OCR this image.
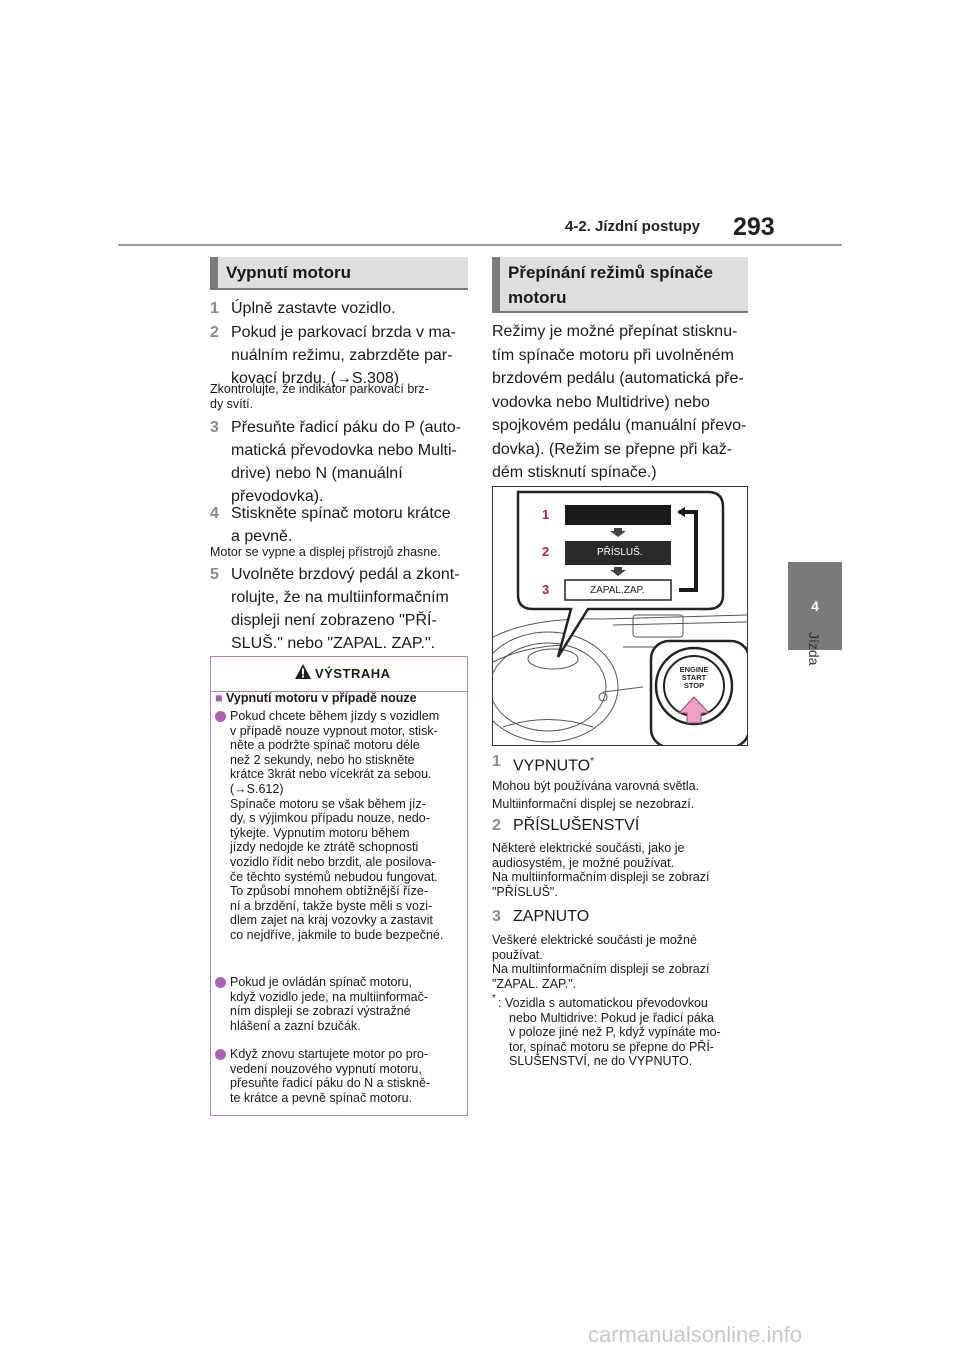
4-2. Jízdní postupy 293
4
Jízda
Vypnutí motoru
1 Úplně zastavte vozidlo.
2 Pokud je parkovací brzda v ma-
nuálním režimu, zabrzděte par-
kovací brzdu. (→S.308)
Zkontrolujte, že indikátor parkovací brz-
dy svítí.
3 Přesuňte řadicí páku do P (auto-
matická převodovka nebo Multi-
drive) nebo N (manuální
převodovka).
4 Stiskněte spínač motoru krátce
a pevně.
Motor se vypne a displej přístrojů zhasne.
5 Uvolněte brzdový pedál a zkont-
rolujte, že na multiinformačním
displeji není zobrazeno "PŘÍ-
SLUŠ." nebo "ZAPAL. ZAP.".
VÝSTRAHA
■ Vypnutí motoru v případě nouze
Pokud chcete během jízdy s vozidlem
v případě nouze vypnout motor, stisk-
něte a podržte spínač motoru déle
než 2 sekundy, nebo ho stiskněte
krátce 3krát nebo vícekrát za sebou.
(→S.612)
Spínače motoru se však během jíz-
dy, s výjimkou případu nouze, nedo-
týkejte. Vypnutím motoru během
jízdy nedojde ke ztrátě schopnosti
vozidlo řídit nebo brzdit, ale posilova-
če těchto systémů nebudou fungovat.
To způsobí mnohem obtížnější říze-
ní a brzdění, takže byste měli s vozi-
dlem zajet na kraj vozovky a zastavit
co nejdříve, jakmile to bude bezpečné.
Pokud je ovládán spínač motoru,
když vozidlo jede, na multiinformač-
ním displeji se zobrazí výstražné
hlášení a zazní bzučák.
Když znovu startujete motor po pro-
vedení nouzového vypnutí motoru,
přesuňte řadicí páku do N a stiskně-
te krátce a pevně spínač motoru.
Přepínání režimů spínače
motoru
Režimy je možné přepínat stisknu-
tím spínače motoru při uvolněném
brzdovém pedálu (automatická pře-
vodovka nebo Multidrive) nebo
spojkovém pedálu (manuální převo-
dovka). (Režim se přepne při kaž-
dém stisknutí spínače.)
1
2
3
PŘÍSLUŠ.
ZAPAL.ZAP.
ENGINE
START
STOP
1 VYPNUTO*
Mohou být používána varovná světla.
Multiinformační displej se nezobrazí.
2 PŘÍSLUŠENSTVÍ
Některé elektrické součásti, jako je
audiosystém, je možné používat.
Na multiinformačním displeji se zobrazí
"PŘÍSLUŠ".
3 ZAPNUTO
Veškeré elektrické součásti je možné
používat.
Na multiinformačním displeji se zobrazí
"ZAPAL. ZAP.".
* : Vozidla s automatickou převodovkou
nebo Multidrive: Pokud je řadicí páka
v poloze jiné než P, když vypínáte mo-
tor, spínač motoru se přepne do PŘÍ-
SLUŠENSTVÍ, ne do VYPNUTO.
carmanualsonline.info
